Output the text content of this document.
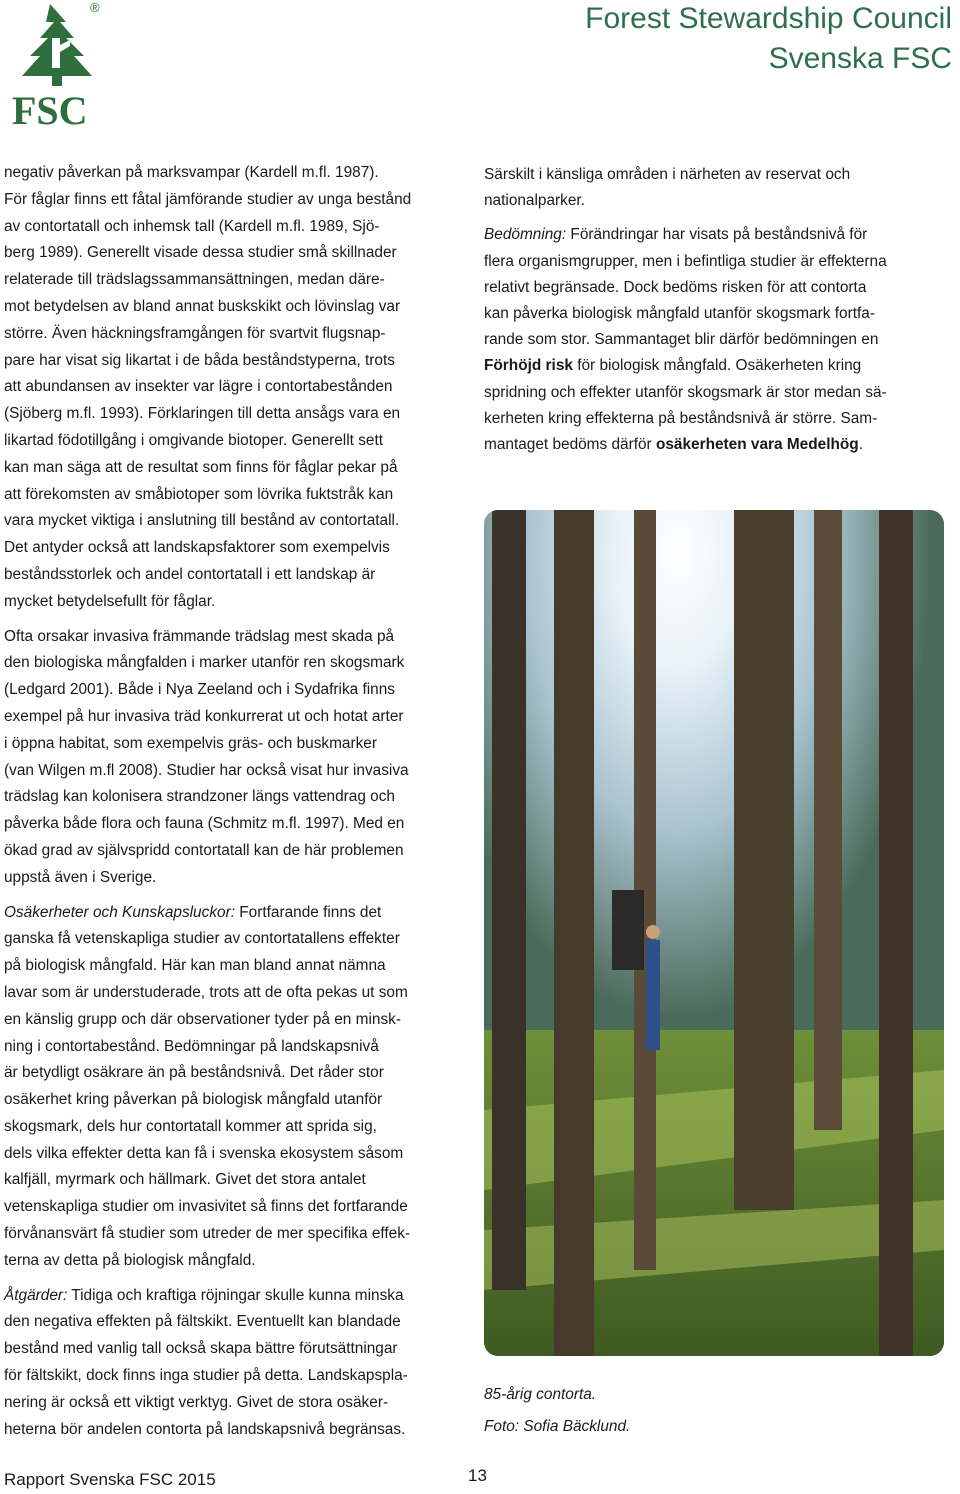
FSC
®	Forest Stewardship Council
Svenska FSC
negativ påverkan på marksvampar (Kardell m.fl. 1987).
För fåglar finns ett fåtal jämförande studier av unga bestånd
av contortatall och inhemsk tall (Kardell m.fl. 1989, Sjö-
berg 1989). Generellt visade dessa studier små skillnader
relaterade till trädslagssammansättningen, medan däre-
mot betydelsen av bland annat buskskikt och lövinslag var
större. Även häckningsframgången för svartvit flugsnap-
pare har visat sig likartat i de båda beståndstyperna, trots
att abundansen av insekter var lägre i contortabestånden
(Sjöberg m.fl. 1993). Förklaringen till detta ansågs vara en
likartad födotillgång i omgivande biotoper. Generellt sett
kan man säga att de resultat som finns för fåglar pekar på
att förekomsten av småbiotoper som lövrika fuktstråk kan
vara mycket viktiga i anslutning till bestånd av contortatall.
Det antyder också att landskapsfaktorer som exempelvis
beståndsstorlek och andel contortatall i ett landskap är
mycket betydelsefullt för fåglar.
Ofta orsakar invasiva främmande trädslag mest skada på
den biologiska mångfalden i marker utanför ren skogsmark
(Ledgard 2001). Både i Nya Zeeland och i Sydafrika finns
exempel på hur invasiva träd konkurrerat ut och hotat arter
i öppna habitat, som exempelvis gräs- och buskmarker
(van Wilgen m.fl 2008). Studier har också visat hur invasiva
trädslag kan kolonisera strandzoner längs vattendrag och
påverka både flora och fauna (Schmitz m.fl. 1997). Med en
ökad grad av självspridd contortatall kan de här problemen
uppstå även i Sverige.
Osäkerheter och Kunskapsluckor: Fortfarande finns det
ganska få vetenskapliga studier av contortatallens effekter
på biologisk mångfald. Här kan man bland annat nämna
lavar som är understuderade, trots att de ofta pekas ut som
en känslig grupp och där observationer tyder på en minsk-
ning i contortabestånd. Bedömningar på landskapsnivå
är betydligt osäkrare än på beståndsnivå. Det råder stor
osäkerhet kring påverkan på biologisk mångfald utanför
skogsmark, dels hur contortatall kommer att sprida sig,
dels vilka effekter detta kan få i svenska ekosystem såsom
kalfjäll, myrmark och hällmark. Givet det stora antalet
vetenskapliga studier om invasivitet så finns det fortfarande
förvånansvärt få studier som utreder de mer specifika effek-
terna av detta på biologisk mångfald.
Åtgärder: Tidiga och kraftiga röjningar skulle kunna minska
den negativa effekten på fältskikt. Eventuellt kan blandade
bestånd med vanlig tall också skapa bättre förutsättningar
för fältskikt, dock finns inga studier på detta. Landskapspla-
nering är också ett viktigt verktyg. Givet de stora osäker-
heterna bör andelen contorta på landskapsnivå begränsas.
Särskilt i känsliga områden i närheten av reservat och
nationalparker.
Bedömning: Förändringar har visats på beståndsnivå för
flera organismgrupper, men i befintliga studier är effekterna
relativt begränsade. Dock bedöms risken för att contorta
kan påverka biologisk mångfald utanför skogsmark fortfa-
rande som stor. Sammantaget blir därför bedömningen en
Förhöjd risk för biologisk mångfald. Osäkerheten kring
spridning och effekter utanför skogsmark är stor medan sä-
kerheten kring effekterna på beståndsnivå är större. Sam-
mantaget bedöms därför osäkerheten vara Medelhög.
85-årig contorta.
Foto: Sofia Bäcklund.
Rapport Svenska FSC 2015	13
